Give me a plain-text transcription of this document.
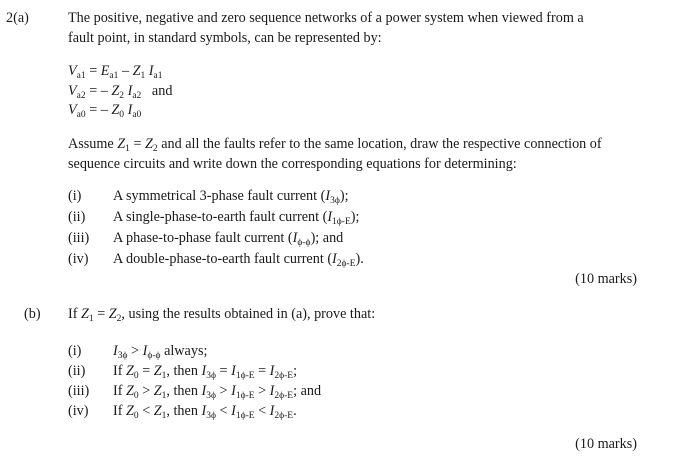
2(a)	The positive, negative and zero sequence networks of a power system when viewed from a
fault point, in standard symbols, can be represented by:
$V_{a1} = E_{a1} - Z_1$ $I_{a1}$
$V_{a2}$ = – $Z_2$ $I_{a2}$ and
$V_{a0}$ = – $Z_0$ $I_{a0}$
Assume $Z_1 = Z_2$ and all the faults refer to the same location, draw the respective connection of
sequence circuits and write down the corresponding equations for determining:
(i) A symmetrical 3-phase fault current $(I_{3\phi})$;
(ii) A single-phase-to-earth fault current $(I_{1\phi-E})$;
(iii) A phase-to-phase fault current $(I_{\phi-\phi})$; and
(iv) A double-phase-to-earth fault current $(I_{2\phi-E})$.
(10 marks)
(b) If $Z_1 = Z_2$, using the results obtained in (a), prove that:
(i) $I_{3\phi} > I_{\phi-\phi}$ always;
(ii) If $Z_0 = Z_1$, then $I_{3\phi} = I_{1\phi-E} = I_{2\phi-E}$;
(iii) If $Z_0 > Z_1$, then $I_{3\phi} > I_{1\phi-E} > I_{2\phi-E}$; and
(iv) If $Z_0 < Z_1$, then $I_{3\phi} < I_{1\phi-E} < I_{2\phi-E}$.
(10 marks)
